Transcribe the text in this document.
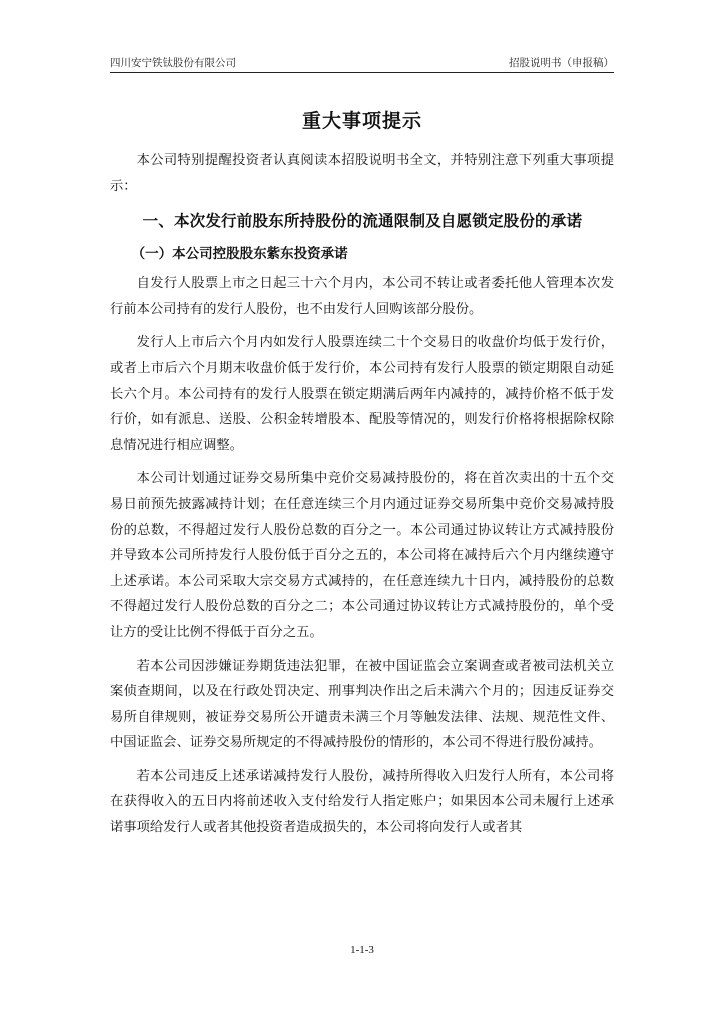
四川安宁铁钛股份有限公司	招股说明书（申报稿）
重大事项提示

本公司特别提醒投资者认真阅读本招股说明书全文，并特别注意下列重大事项提示：

一、本次发行前股东所持股份的流通限制及自愿锁定股份的承诺
（一）本公司控股股东紫东投资承诺

自发行人股票上市之日起三十六个月内，本公司不转让或者委托他人管理本次发行前本公司持有的发行人股份，也不由发行人回购该部分股份。

发行人上市后六个月内如发行人股票连续二十个交易日的收盘价均低于发行价，或者上市后六个月期末收盘价低于发行价，本公司持有发行人股票的锁定期限自动延长六个月。本公司持有的发行人股票在锁定期满后两年内减持的，减持价格不低于发行价，如有派息、送股、公积金转增股本、配股等情况的，则发行价格将根据除权除息情况进行相应调整。

本公司计划通过证券交易所集中竞价交易减持股份的，将在首次卖出的十五个交易日前预先披露减持计划；在任意连续三个月内通过证券交易所集中竞价交易减持股份的总数，不得超过发行人股份总数的百分之一。本公司通过协议转让方式减持股份并导致本公司所持发行人股份低于百分之五的，本公司将在减持后六个月内继续遵守上述承诺。本公司采取大宗交易方式减持的，在任意连续九十日内，减持股份的总数不得超过发行人股份总数的百分之二；本公司通过协议转让方式减持股份的，单个受让方的受让比例不得低于百分之五。

若本公司因涉嫌证券期货违法犯罪，在被中国证监会立案调查或者被司法机关立案侦查期间，以及在行政处罚决定、刑事判决作出之后未满六个月的；因违反证券交易所自律规则，被证券交易所公开谴责未满三个月等触发法律、法规、规范性文件、中国证监会、证券交易所规定的不得减持股份的情形的，本公司不得进行股份减持。

若本公司违反上述承诺减持发行人股份，减持所得收入归发行人所有，本公司将在获得收入的五日内将前述收入支付给发行人指定账户；如果因本公司未履行上述承诺事项给发行人或者其他投资者造成损失的，本公司将向发行人或者其

1-1-3
